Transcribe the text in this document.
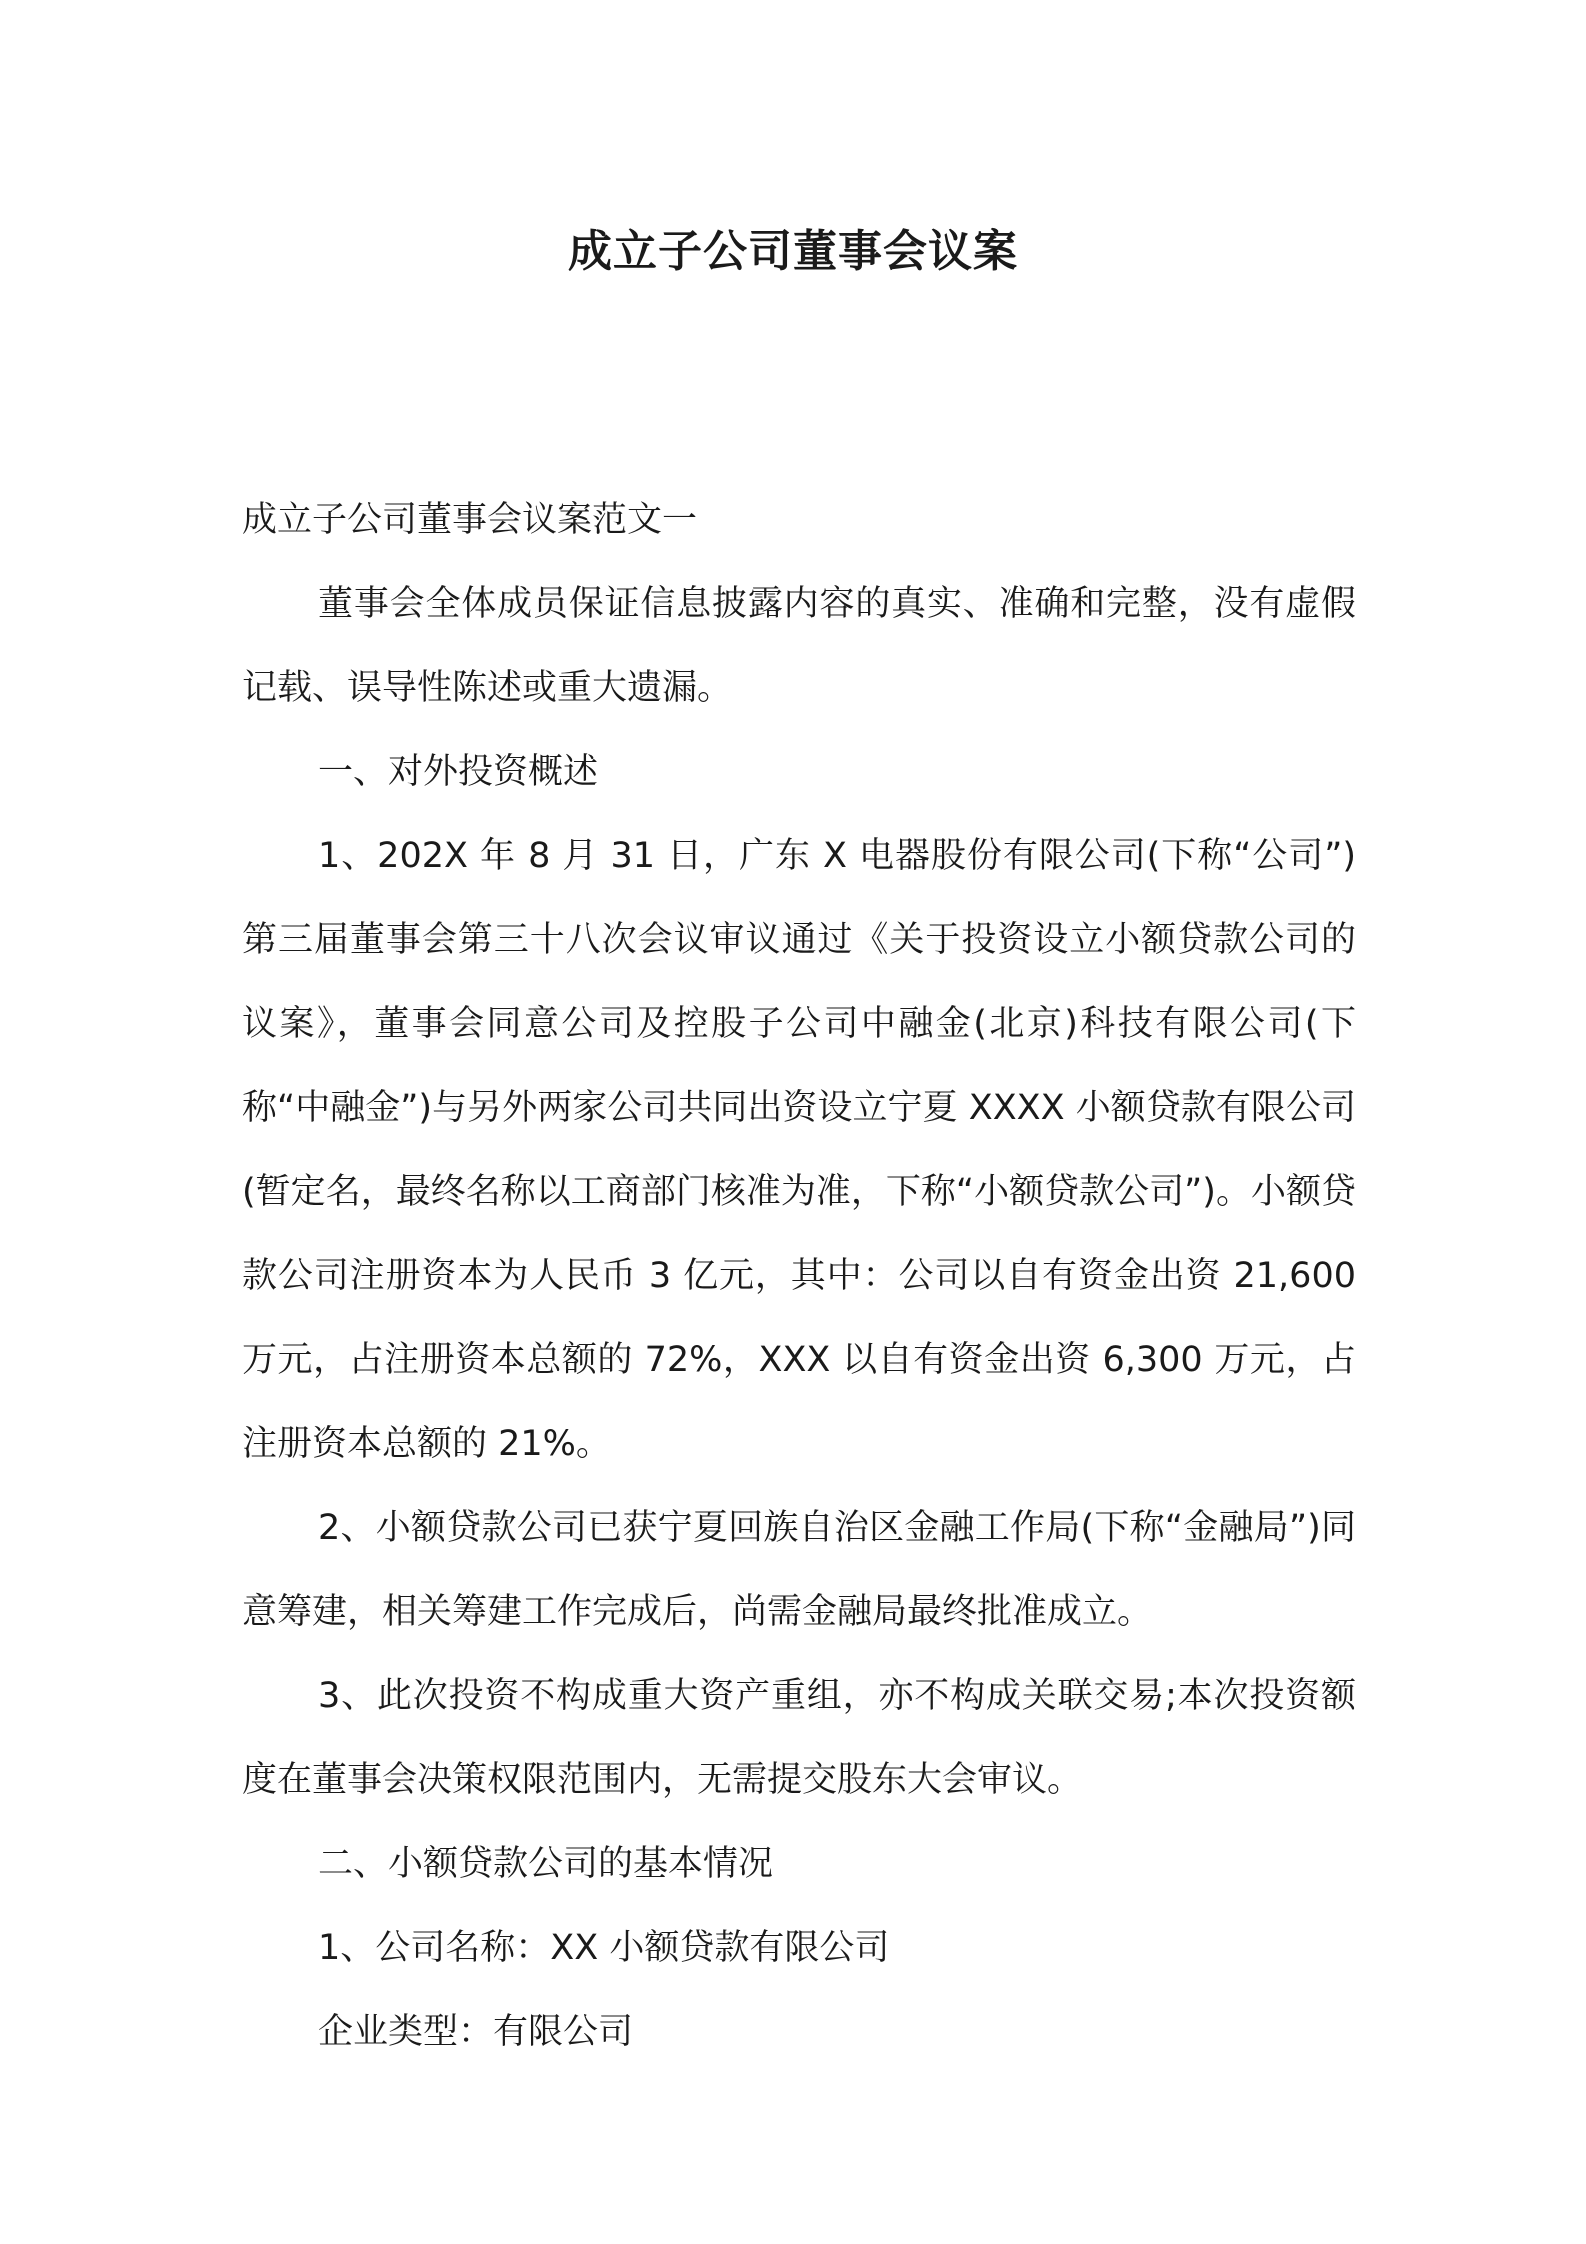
成立子公司董事会议案

成立子公司董事会议案范文一

董事会全体成员保证信息披露内容的真实、准确和完整，没有虚假记载、误导性陈述或重大遗漏。

一、对外投资概述

1、202X 年 8 月 31 日，广东 X 电器股份有限公司(下称“公司”)第三届董事会第三十八次会议审议通过《关于投资设立小额贷款公司的议案》，董事会同意公司及控股子公司中融金(北京)科技有限公司(下称“中融金”)与另外两家公司共同出资设立宁夏 XXXX 小额贷款有限公司(暂定名，最终名称以工商部门核准为准，下称“小额贷款公司”)。小额贷款公司注册资本为人民币 3 亿元，其中：公司以自有资金出资 21,600 万元，占注册资本总额的 72%，XXX 以自有资金出资 6,300 万元，占注册资本总额的 21%。

2、小额贷款公司已获宁夏回族自治区金融工作局(下称“金融局”)同意筹建，相关筹建工作完成后，尚需金融局最终批准成立。

3、此次投资不构成重大资产重组，亦不构成关联交易;本次投资额度在董事会决策权限范围内，无需提交股东大会审议。

二、小额贷款公司的基本情况

1、公司名称：XX 小额贷款有限公司

企业类型：有限公司
